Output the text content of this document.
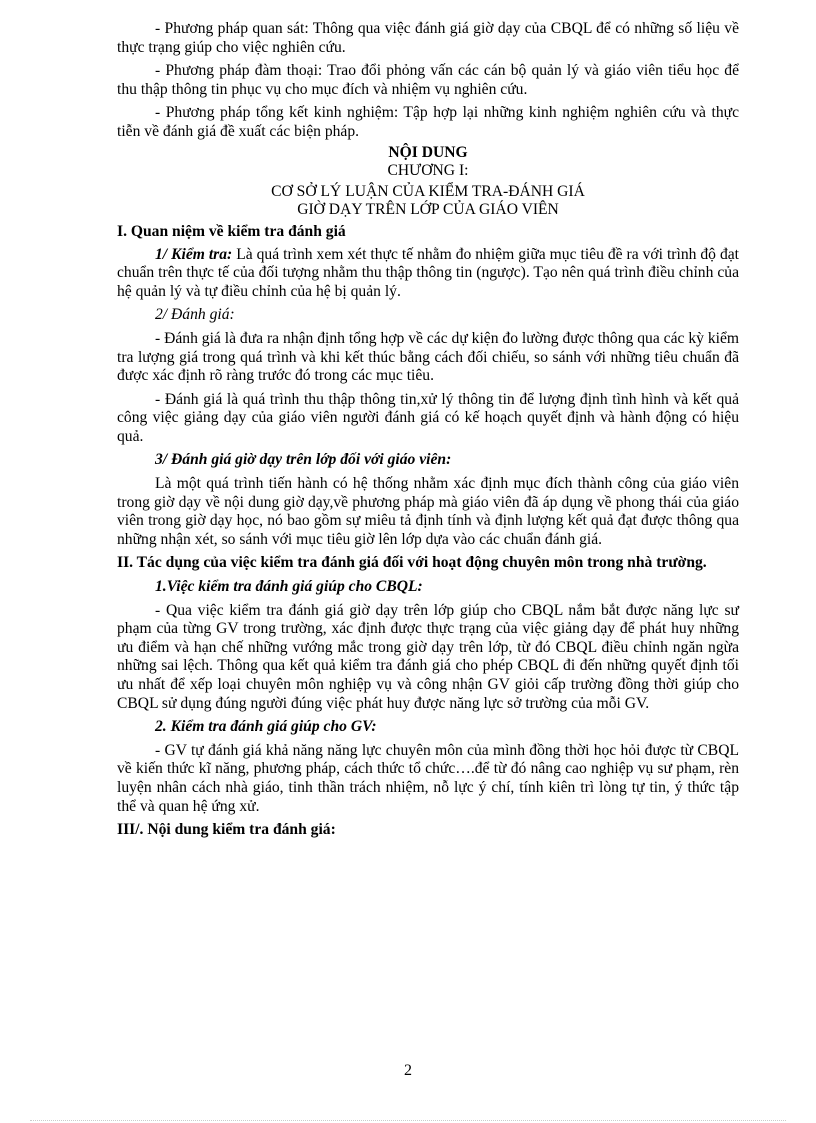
- Phương pháp quan sát: Thông qua việc đánh giá giờ dạy của CBQL để có những số liệu về thực trạng giúp cho việc nghiên cứu.

- Phương pháp đàm thoại: Trao đổi phỏng vấn các cán bộ quản lý và giáo viên tiểu học để thu thập thông tin phục vụ cho mục đích và nhiệm vụ nghiên cứu.

- Phương pháp tổng kết kinh nghiệm: Tập hợp lại những kinh nghiệm nghiên cứu và thực tiễn về đánh giá đề xuất các biện pháp.

NỘI DUNG

CHƯƠNG I:

CƠ SỞ LÝ LUẬN CỦA KIỂM TRA-ĐÁNH GIÁ

GIỜ DẠY TRÊN LỚP CỦA GIÁO VIÊN

I. Quan niệm về kiểm tra đánh giá

1/ Kiểm tra: Là quá trình xem xét thực tế nhằm đo nhiệm giữa mục tiêu đề ra với trình độ đạt chuẩn trên thực tế của đối tượng nhằm thu thập thông tin (ngược). Tạo nên quá trình điều chỉnh của hệ quản lý và tự điều chỉnh của hệ bị quản lý.

2/ Đánh giá:

- Đánh giá là đưa ra nhận định tổng hợp về các dự kiện đo lường được thông qua các kỳ kiểm tra lượng giá trong quá trình và khi kết thúc bằng cách đối chiếu, so sánh với những tiêu chuẩn đã được xác định rõ ràng trước đó trong các mục tiêu.

- Đánh giá là quá trình thu thập thông tin,xử lý thông tin để lượng định tình hình và kết quả công việc giảng dạy của giáo viên người đánh giá có kế hoạch quyết định và hành động có hiệu quả.

3/ Đánh giá giờ dạy trên lớp đối với giáo viên:

Là một quá trình tiến hành có hệ thống nhằm xác định mục đích thành công của giáo viên trong giờ dạy về nội dung giờ dạy,về phương pháp mà giáo viên đã áp dụng về phong thái của giáo viên trong giờ dạy học, nó bao gồm sự miêu tả định tính và định lượng kết quả đạt được thông qua những nhận xét, so sánh với mục tiêu giờ lên lớp dựa vào các chuẩn đánh giá.

II. Tác dụng của việc kiểm tra đánh giá đối với hoạt động chuyên môn trong nhà trường.

1.Việc kiểm tra đánh giá giúp cho CBQL:

- Qua việc kiểm tra đánh giá giờ dạy trên lớp giúp cho CBQL nắm bắt được năng lực sư phạm của từng GV trong trường, xác định được thực trạng của việc giảng dạy để phát huy những ưu điểm và hạn chế những vướng mắc trong giờ dạy trên lớp, từ đó CBQL điều chỉnh ngăn ngừa những sai lệch. Thông qua kết quả kiểm tra đánh giá cho phép CBQL đi đến những quyết định tối ưu nhất để xếp loại chuyên môn nghiệp vụ và công nhận GV giỏi cấp trường đồng thời giúp cho CBQL sử dụng đúng người đúng việc phát huy được năng lực sở trường của mỗi GV.

2. Kiểm tra đánh giá giúp cho GV:

- GV tự đánh giá khả năng năng lực chuyên môn của mình đồng thời học hỏi được từ CBQL về kiến thức kĩ năng, phương pháp, cách thức tổ chức….để từ đó nâng cao nghiệp vụ sư phạm, rèn luyện nhân cách nhà giáo, tinh thần trách nhiệm, nỗ lực ý chí, tính kiên trì lòng tự tin, ý thức tập thể và quan hệ ứng xử.

III/. Nội dung kiểm tra đánh giá:

2
